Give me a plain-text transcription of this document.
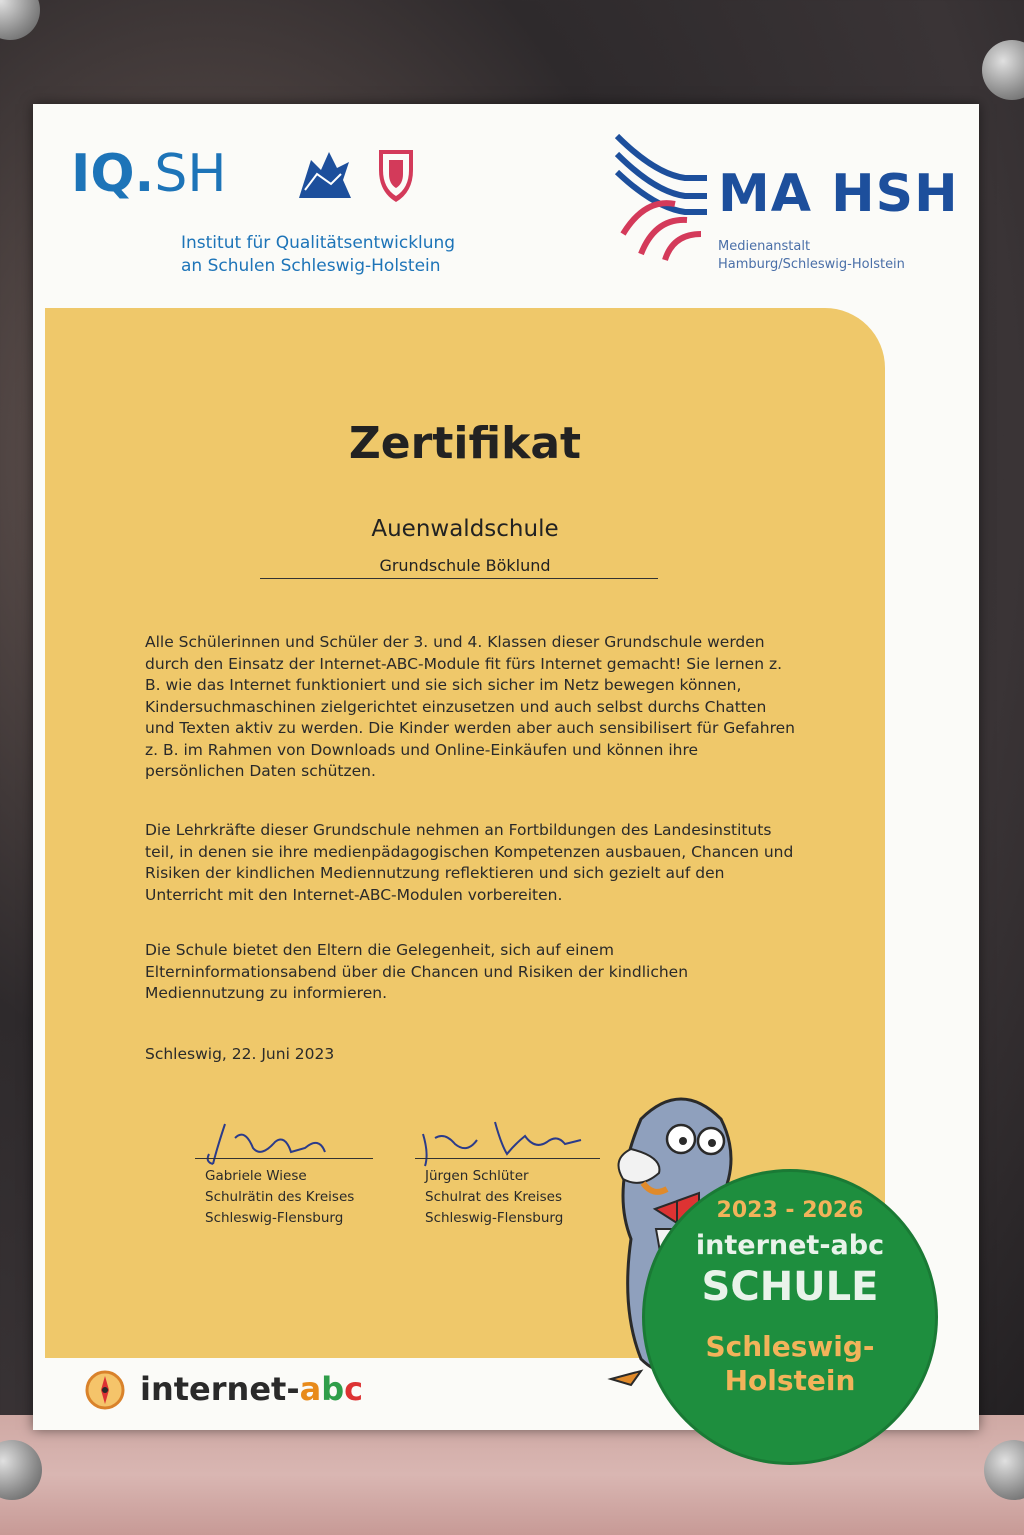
IQ.SH
Institut für Qualitätsentwicklung
an Schulen Schleswig-Holstein
MA HSH
Medienanstalt
Hamburg/Schleswig-Holstein
Zertifikat
Auenwaldschule
Grundschule Böklund

Alle Schülerinnen und Schüler der 3. und 4. Klassen dieser Grundschule werden durch den Einsatz der Internet-ABC-Module fit fürs Internet gemacht! Sie lernen z. B. wie das Internet funktioniert und sie sich sicher im Netz bewegen können, Kindersuchmaschinen zielgerichtet einzusetzen und auch selbst durchs Chatten und Texten aktiv zu werden. Die Kinder werden aber auch sensibilisert für Gefahren z. B. im Rahmen von Downloads und Online-Einkäufen und können ihre persönlichen Daten schützen.

Die Lehrkräfte dieser Grundschule nehmen an Fortbildungen des Landesinstituts teil, in denen sie ihre medienpädagogischen Kompetenzen ausbauen, Chancen und Risiken der kindlichen Mediennutzung reflektieren und sich gezielt auf den Unterricht mit den Internet-ABC-Modulen vorbereiten.

Die Schule bietet den Eltern die Gelegenheit, sich auf einem Elterninformationsabend über die Chancen und Risiken der kindlichen Mediennutzung zu informieren.

Schleswig, 22. Juni 2023
Gabriele Wiese
Schulrätin des Kreises
Schleswig-Flensburg
Jürgen Schlüter
Schulrat des Kreises
Schleswig-Flensburg
internet-abc
2023 - 2026
internet-abc
SCHULE
Schleswig-
Holstein
